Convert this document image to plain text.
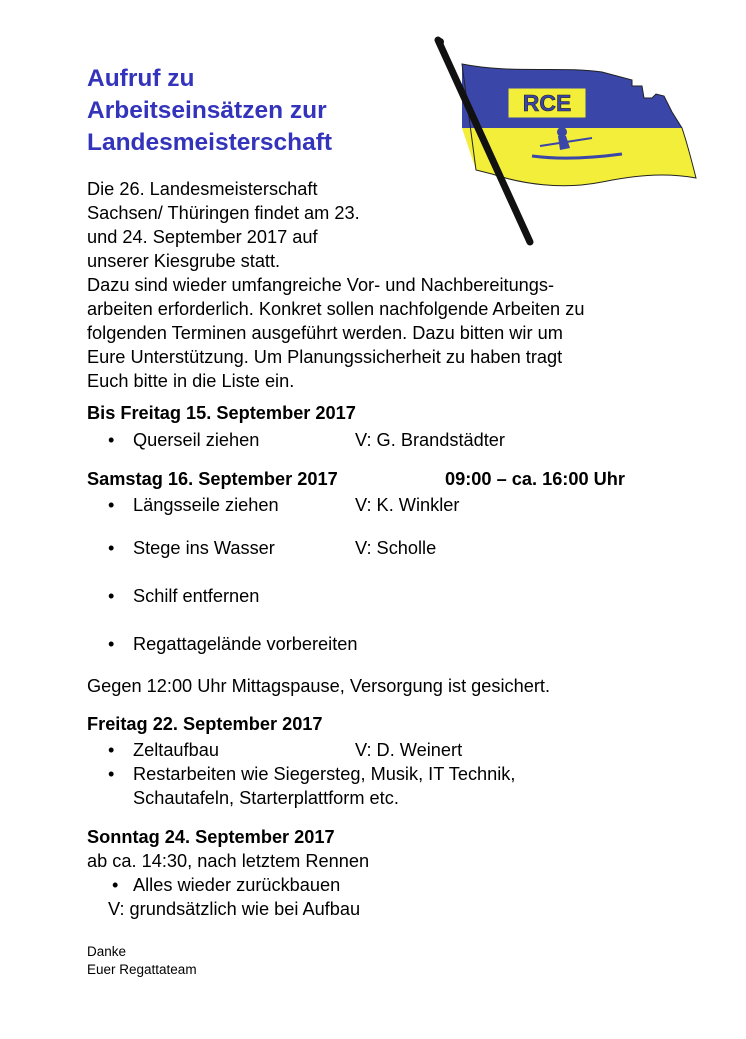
Aufruf zu
Arbeitseinsätzen zur
Landesmeisterschaft
RCE

Die 26. Landesmeisterschaft
Sachsen/ Thüringen findet am 23.
und 24. September 2017 auf
unserer Kiesgrube statt.
Dazu sind wieder umfangreiche Vor- und Nachbereitungs-
arbeiten erforderlich. Konkret sollen nachfolgende Arbeiten zu
folgenden Terminen ausgeführt werden. Dazu bitten wir um
Eure Unterstützung. Um Planungssicherheit zu haben tragt
Euch bitte in die Liste ein.

Bis Freitag 15. September 2017

• Querseil ziehen	V: G. Brandstädter

Samstag 16. September 2017	09:00 – ca. 16:00 Uhr

• Längsseile ziehen	V: K. Winkler
• Stege ins Wasser	V: Scholle
• Schilf entfernen
• Regattagelände vorbereiten
Gegen 12:00 Uhr Mittagspause, Versorgung ist gesichert.

Freitag 22. September 2017

• Zeltaufbau	V: D. Weinert
• Restarbeiten wie Siegersteg, Musik, IT Technik,
Schautafeln, Starterplattform etc.

Sonntag 24. September 2017

ab ca. 14:30, nach letztem Rennen
• Alles wieder zurückbauen
V: grundsätzlich wie bei Aufbau
Danke
Euer Regattateam
